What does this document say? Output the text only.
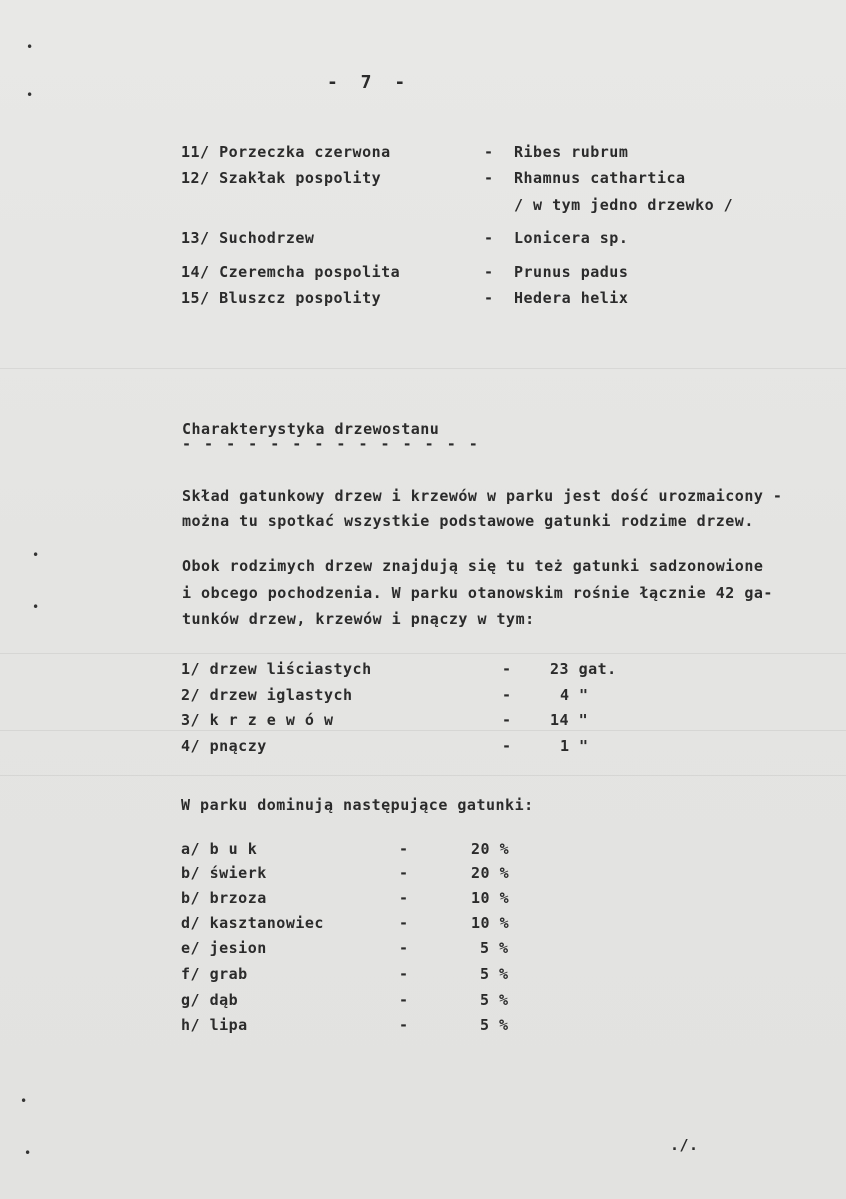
•
•
•
•
•
•
- 7 -
11/ Porzeczka czerwona	- Ribes rubrum
12/ Szakłak pospolity	- Rhamnus cathartica
/ w tym jedno drzewko /
13/ Suchodrzew	- Lonicera sp.
14/ Czeremcha pospolita	- Prunus padus
15/ Bluszcz pospolity	- Hedera helix
Charakterystyka drzewostanu
- - - - - - - - - - - - - -
Skład gatunkowy drzew i krzewów w parku jest dość urozmaicony -
można tu spotkać wszystkie podstawowe gatunki rodzime drzew.
Obok rodzimych drzew znajdują się tu też gatunki sadzonowione
i obcego pochodzenia. W parku otanowskim rośnie łącznie 42 ga-
tunków drzew, krzewów i pnączy w tym:
1/ drzew liściastych	-	23 gat.
2/ drzew iglastych	-	4 "
3/ k r z e w ó w	-	14 "
4/ pnączy	-	1 "
W parku dominują następujące gatunki:
a/ b u k	-	20 %
b/ świerk	-	20 %
b/ brzoza	-	10 %
d/ kasztanowiec	-	10 %
e/ jesion	-	5 %
f/ grab	-	5 %
g/ dąb	-	5 %
h/ lipa	-	5 %
./.
